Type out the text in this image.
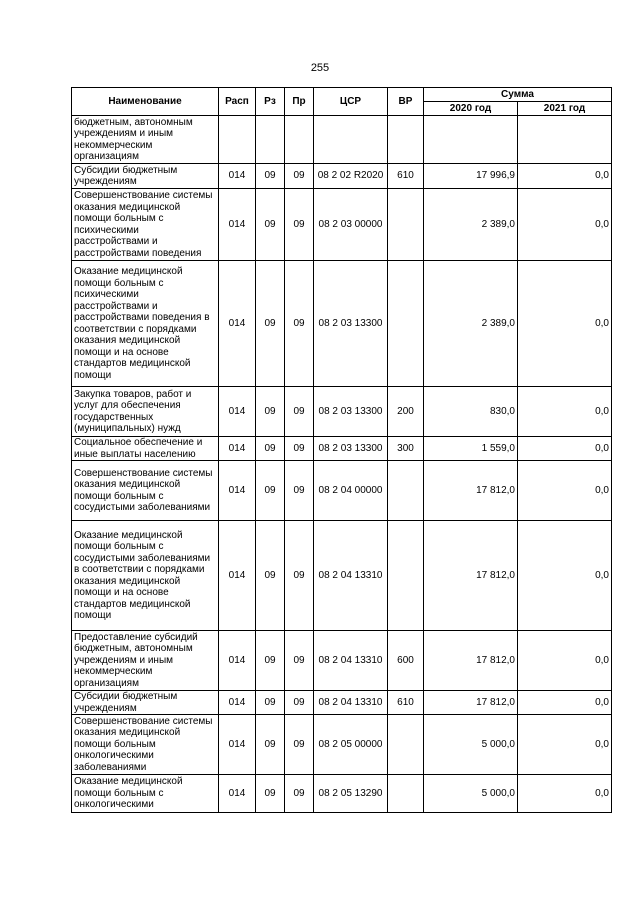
255
Наименование	Расп	Рз	Пр	ЦСР	ВР	Сумма	
						2020 год	2021 год
бюджетным, автономным учреждениям и иным некоммерческим организациям							
Субсидии бюджетным учреждениям	014	09	09	08 2 02 R2020	610	17 996,9	0,0
Совершенствование системы оказания медицинской помощи больным с психическими расстройствами и расстройствами поведения	014	09	09	08 2 03 00000		2 389,0	0,0
Оказание медицинской помощи больным с психическими расстройствами и расстройствами поведения в соответствии с порядками оказания медицинской помощи и на основе стандартов медицинской помощи	014	09	09	08 2 03 13300		2 389,0	0,0
Закупка товаров, работ и услуг для обеспечения государственных (муниципальных) нужд	014	09	09	08 2 03 13300	200	830,0	0,0
Социальное обеспечение и иные выплаты населению	014	09	09	08 2 03 13300	300	1 559,0	0,0
Совершенствование системы оказания медицинской помощи больным с сосудистыми заболеваниями	014	09	09	08 2 04 00000		17 812,0	0,0
Оказание медицинской помощи больным с сосудистыми заболеваниями в соответствии с порядками оказания медицинской помощи и на основе стандартов медицинской помощи	014	09	09	08 2 04 13310		17 812,0	0,0
Предоставление субсидий бюджетным, автономным учреждениям и иным некоммерческим организациям	014	09	09	08 2 04 13310	600	17 812,0	0,0
Субсидии бюджетным учреждениям	014	09	09	08 2 04 13310	610	17 812,0	0,0
Совершенствование системы оказания медицинской помощи больным онкологическими заболеваниями	014	09	09	08 2 05 00000		5 000,0	0,0
Оказание медицинской помощи больным с онкологическими	014	09	09	08 2 05 13290		5 000,0	0,0
